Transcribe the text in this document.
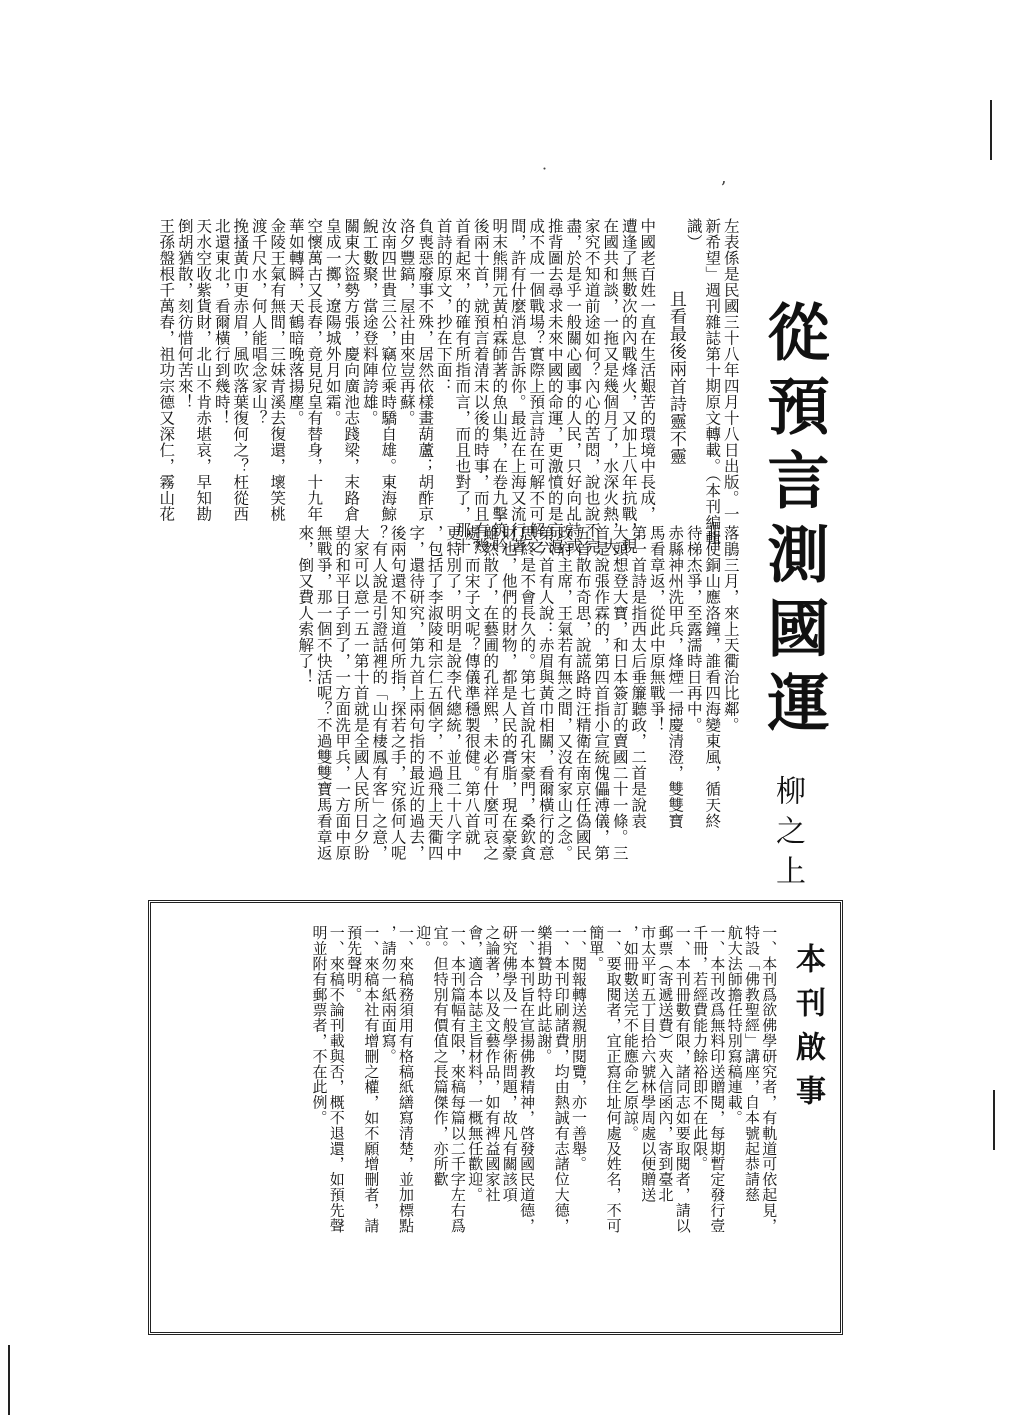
從預言測國運
柳之上
左表係是民國三十八年四月十八日出版。一
新希望」週刊雜誌第十期原文轉載。（本刊編輯
識）
且看最後兩首詩靈不靈
中國老百姓一直在生活艱苦的環境中長成，
遭逢了無數次的內戰烽火，又加上八年抗戰，現
在國共和談，一拖又是幾個月了，水深火熱，大
家究不知道前途如何？內心的苦悶，說也說不完
盡，於是乎一般關心國事的人民，只好向乩詩或
推背圖去尋求未來中國的命運，更激憤的是京滬
成不成一個戰場？實際上預言詩在可解不可解之
間，許有什麼消息告訴你。最近在上海又流行著
明末熊開元黃柏霖師著的魚山集，在卷九擊筑吟
後兩十首，就預言着清末以後的時事，而且有幾
首看起來，的確有所指而言，而且也對了，那十
首詩的原文，抄在下面：
負喪惡廢事不殊，居然依樣畫葫蘆；胡酢京
洛夕豐鎬，屋社由來豈再蘇。
汝南四世貴三公，竊位乘時驕自雄。東海鯨
鯢工數聚，當途登料陣誇雄。
關東大盜勢方張，慶向廣池志踐梁，末路倉
皇成一擲，遼陽城外月如霜。
空懷萬古又長春，竟見兒皇有替身，十九年
華如轉瞬，天鶴暗晚落揚塵。
金陵王氣有無間，三妹青溪去復還，壞笑桃
渡千尺水，何人能唱念家山？
挽搔黃巾更赤眉，風吹落葉復何之？枉從西
北還東北，看爾橫行到幾時！
天水空收紫貨財，北山不肯赤堪哀，早知勘
倒胡猶散，刻彷惜何苦來！
王孫盤根千萬春，祖功宗德又深仁，霧山花
落鵑三月，來上天衢治比鄰。
非使銅山應洛鐘，誰看四海變東風，循天終
待梯杰爭，至露濡時日再中。
赤縣神州洗甲兵，烽煙一掃慶清澄，雙雙寶
馬看章返，從此中原無戰爭！
第一首詩是指西太后垂簾聽政，二首是說袁
大頭想登大寶，和日本簽訂的賣國二十一條。三
首是說張作霖的，第四首指小宣統傀儡溥儀，第
五首散布奇思，說謊路時汪精衛在南京任偽國民
政府主席，王氣若有無之間，又沒有家山之念。
第六首有人說：赤眉與黃巾相關，看爾橫行的意
思終是不會長久的。第七首說孔宋豪門，桑欽貪
財也，他們的財物，都是人民的膏脂，現在豪豪
雖然散了，在藝圃的孔祥熙，未必有什麼可哀之
處？而宋子文呢？傳儀準穩製很健。第八首就
更特別了，明明是說李代總統，並且二十八字中
，包括了李淑陵和宗仁五個字，不過飛上天衢四
字，還待研究，第九首上兩句指的最近的過去，
後兩句還不知道何所指，探若之手，究係何人呢
？有人說是引證話裡的「山有棲鳳有客」之意，
大家可以意一五一第十首就是全國人民所日夕盼
望的和平日子到了，一方面洗甲兵，一方面中原
無戰爭，那一個不快活呢？不過雙雙寶馬看章返
來，倒又費人索解了！
本刊啟事
一、本刊爲欲佛學研究者，有軌道可依起見，
特設「佛教聖經」講座，自本號起恭請慈
航大法師擔任特別寫稿連載。
一、本刊改爲無料印送贈閱，每期暫定發行壹
千冊，若經費能力餘裕即不在此限。
一、本刊冊數有限，諸同志如要取閱者，請以
郵票（寄遞送費）夾入信函內，寄到臺北
市太平町五丁目拾六號林學周處以便贈送
，如冊數送完不能應命乞原諒。
一、要取閱者，宜正寫住址何處及姓名，不可
簡單。
一、閱報轉送親朋閱覽，亦一善舉。
一、本刊印刷諸費，均由熱誠有志諸位大德，
樂捐贊助特此誌謝。
一、本刊旨在宣揚佛教精神，啓發國民道德，
研究佛學及一般學術問題，故凡有關該項
之論著，以及文藝作品，如有裨益國家社
會，適合本誌主旨材料，一概無任歡迎。
一、本刊篇幅有限，來稿每篇以二千字左右爲
宜。但特別有價值之長篇傑作，亦所歡
迎。
一、來稿務須用有格稿紙繕寫清楚，並加標點
，請勿一紙兩面寫。
一、來稿本社有增刪之權，如不願增刪者，請
預先聲明。
一、來稿不論刊載與否，概不退還，如預先聲
明並附有郵票者，不在此例。
˙
ʼ
